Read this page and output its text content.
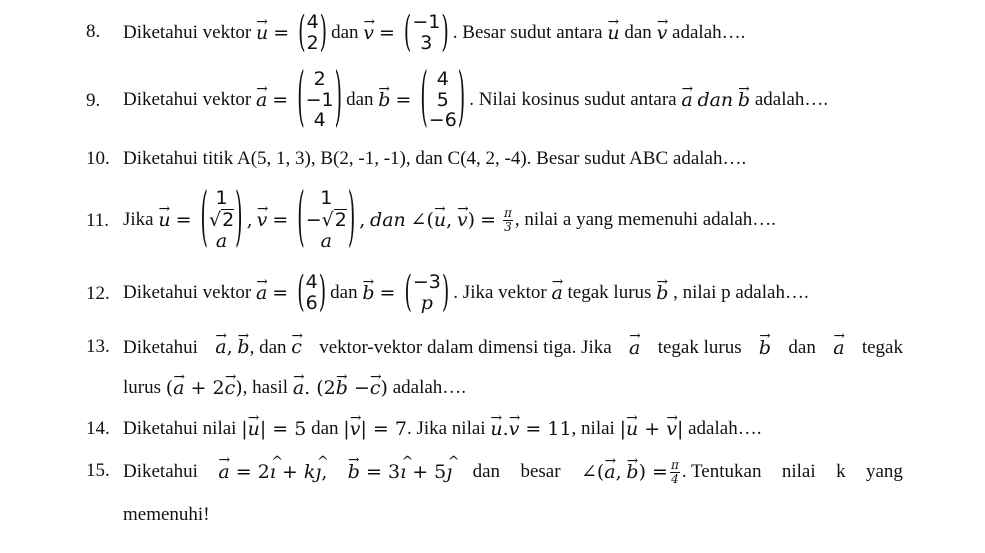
8. Diketahui vektor
→ u = ( 4
2 ) dan
→ v = ( −1
3 ) . Besar sudut antara
→ u
dan
→ v
adalah….
9. Diketahui vektor
→ a = ( 2
−1
4 ) dan
→ b = ( 4
5
−6 ) . Nilai kosinus sudut antara
→ a
dan
→ b
adalah….
10. Diketahui titik A(5, 1, 3), B(2, -1, -1), dan C(4, 2, -4). Besar sudut ABC adalah….
11. Jika
→ u = ( 1
√ 2
a ) , → v = ( 1
− √ 2
a ) ,
dan
∠ ( → u ,
→ v ) = $\frac{\pi}{3}$ , nilai a yang memenuhi adalah….
12. Diketahui vektor
→ a = ( 4
6 ) dan
→ b = ( −3
p ) . Jika vektor
→ a
tegak lurus
→ b
, nilai p adalah….
13. Diketahui → a, → b, dan → c vektor-vektor dalam dimensi tiga. Jika → a tegak lurus → b dan → a tegak
lurus
( → a + 2 → c ) , hasil
→ a . (2 → b − → c )
adalah….
14. Diketahui nilai
| → u | = 5
dan
| → v | = 7 . Jika nilai
→ u . → v = 11 , nilai
| → u + → v |
adalah….
15. Diketahui → a = 2^ ı + k^ ȷ, → b = 3^ ı + 5^ ȷ dan besar ∠( → a ,
→ b ) = $\frac{\pi}{4}$ . Tentukan nilai k yang
memenuhi!
